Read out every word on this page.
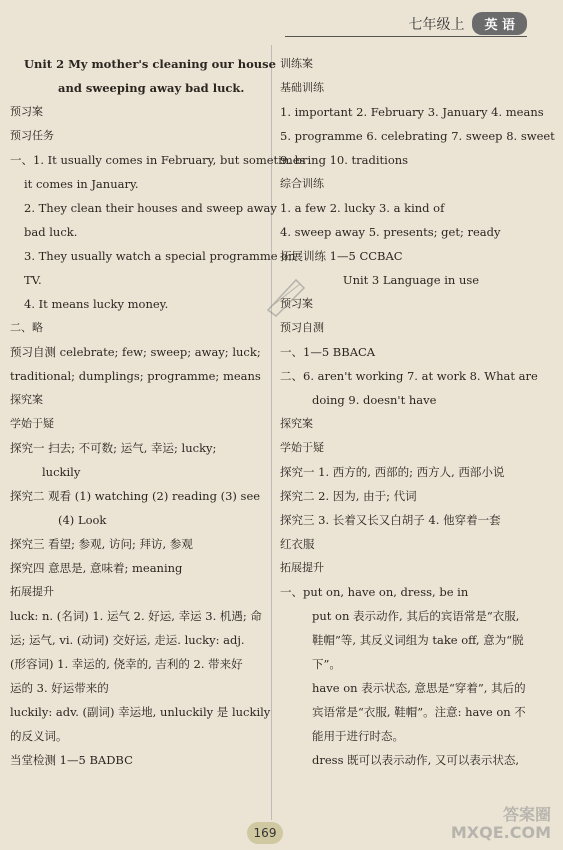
七年级上	英 语
Unit 2 My mother's cleaning our house
and sweeping away bad luck.
预习案
预习任务
一、1. It usually comes in February, but sometimes
it comes in January.
2. They clean their houses and sweep away
bad luck.
3. They usually watch a special programme on
TV.
4. It means lucky money.
二、略
预习自测 celebrate; few; sweep; away; luck;
traditional; dumplings; programme; means
探究案
学始于疑
探究一 扫去; 不可数; 运气, 幸运; lucky;
luckily
探究二 观看 (1) watching (2) reading (3) see
(4) Look
探究三 看望; 参观, 访问; 拜访, 参观
探究四 意思是, 意味着; meaning
拓展提升
luck: n. (名词) 1. 运气 2. 好运, 幸运 3. 机遇; 命
运; 运气, vi. (动词) 交好运, 走运. lucky: adj.
(形容词) 1. 幸运的, 侥幸的, 吉利的 2. 带来好
运的 3. 好运带来的
luckily: adv. (副词) 幸运地, unluckily 是 luckily
的反义词。
当堂检测 1—5 BADBC
训练案
基础训练
1. important 2. February 3. January 4. means
5. programme 6. celebrating 7. sweep 8. sweet
9. bring 10. traditions
综合训练
1. a few 2. lucky 3. a kind of
4. sweep away 5. presents; get; ready
拓展训练 1—5 CCBAC
Unit 3 Language in use
预习案
预习自测
一、1—5 BBACA
二、6. aren't working 7. at work 8. What are
doing 9. doesn't have
探究案
学始于疑
探究一 1. 西方的, 西部的; 西方人, 西部小说
探究二 2. 因为, 由于; 代词
探究三 3. 长着又长又白胡子 4. 他穿着一套
红衣服
拓展提升
一、put on, have on, dress, be in
put on 表示动作, 其后的宾语常是“衣服,
鞋帽”等, 其反义词组为 take off, 意为“脱
下”。
have on 表示状态, 意思是“穿着”, 其后的
宾语常是“衣服, 鞋帽”。注意: have on 不
能用于进行时态。
dress 既可以表示动作, 又可以表示状态,
169
答案圈
MXQE.COM
